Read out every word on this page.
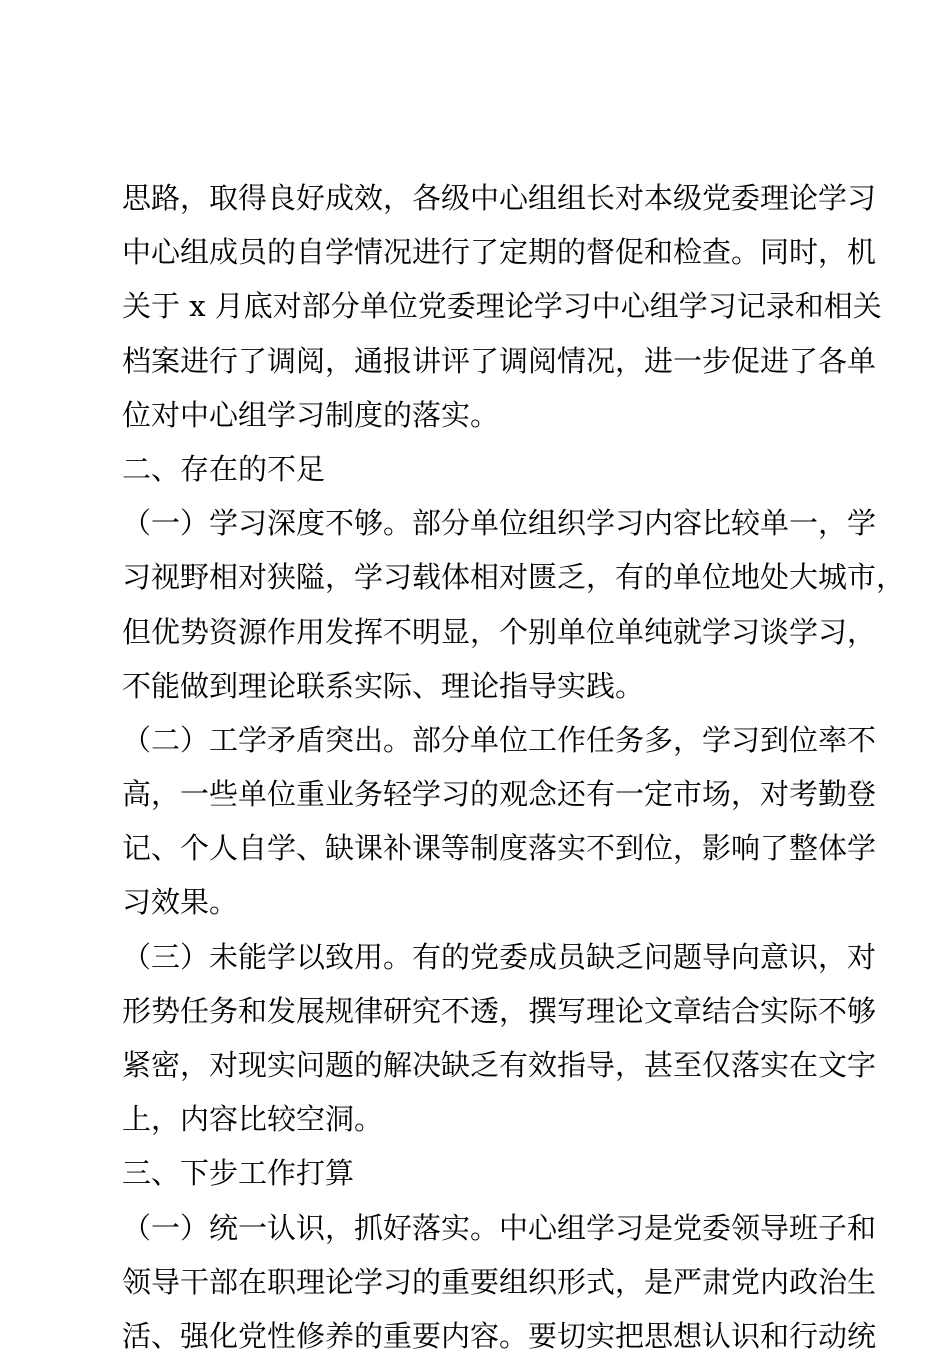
思路，取得良好成效，各级中心组组长对本级党委理论学习
中心组成员的自学情况进行了定期的督促和检查。同时，机
关于 x 月底对部分单位党委理论学习中心组学习记录和相关
档案进行了调阅，通报讲评了调阅情况，进一步促进了各单
位对中心组学习制度的落实。
二、存在的不足
（一）学习深度不够。部分单位组织学习内容比较单一，学
习视野相对狭隘，学习载体相对匮乏，有的单位地处大城市，
但优势资源作用发挥不明显，个别单位单纯就学习谈学习，
不能做到理论联系实际、理论指导实践。
（二）工学矛盾突出。部分单位工作任务多，学习到位率不
高，一些单位重业务轻学习的观念还有一定市场，对考勤登
记、个人自学、缺课补课等制度落实不到位，影响了整体学
习效果。
（三）未能学以致用。有的党委成员缺乏问题导向意识，对
形势任务和发展规律研究不透，撰写理论文章结合实际不够
紧密，对现实问题的解决缺乏有效指导，甚至仅落实在文字
上，内容比较空洞。
三、下步工作打算
（一）统一认识，抓好落实。中心组学习是党委领导班子和
领导干部在职理论学习的重要组织形式，是严肃党内政治生
活、强化党性修养的重要内容。要切实把思想认识和行动统
